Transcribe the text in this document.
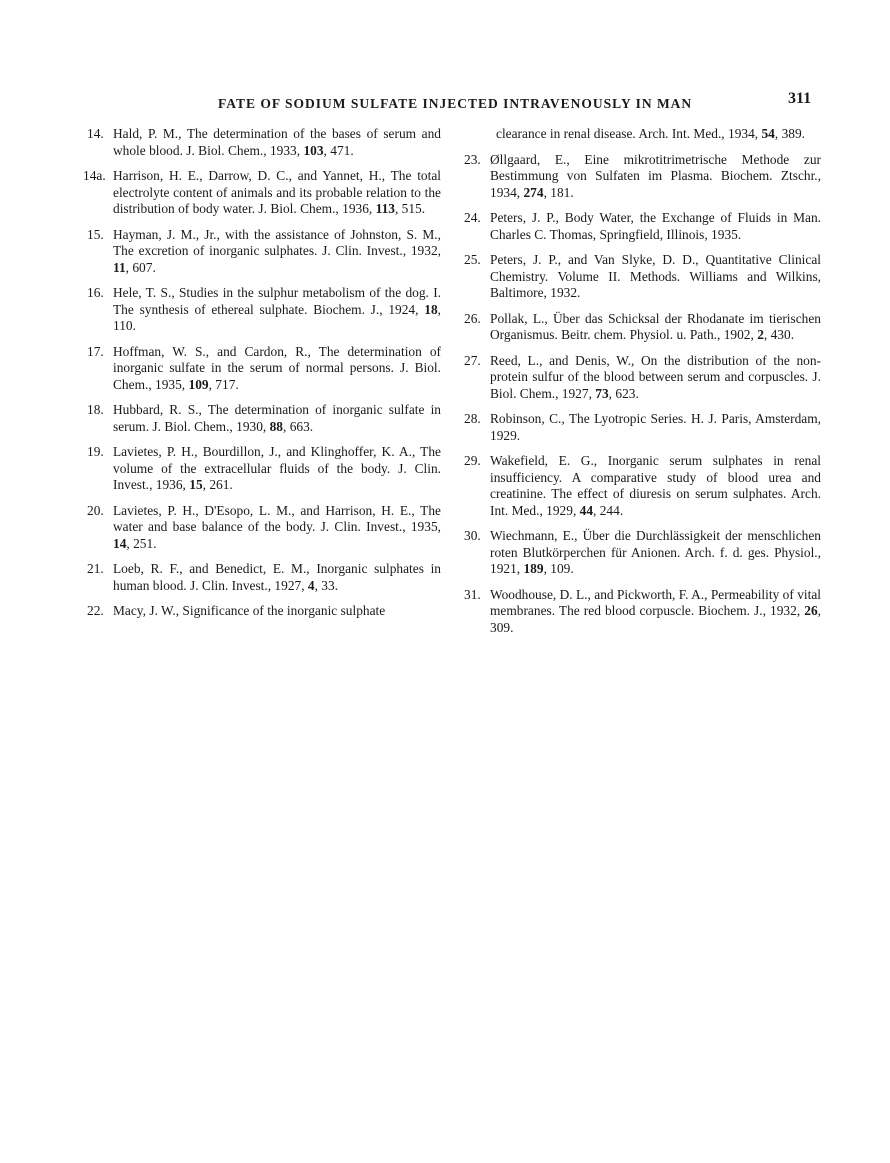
FATE OF SODIUM SULFATE INJECTED INTRAVENOUSLY IN MAN	311
14. Hald, P. M., The determination of the bases of serum and whole blood. J. Biol. Chem., 1933, 103, 471.
14a. Harrison, H. E., Darrow, D. C., and Yannet, H., The total electrolyte content of animals and its probable relation to the distribution of body water. J. Biol. Chem., 1936, 113, 515.
15. Hayman, J. M., Jr., with the assistance of Johnston, S. M., The excretion of inorganic sulphates. J. Clin. Invest., 1932, 11, 607.
16. Hele, T. S., Studies in the sulphur metabolism of the dog. I. The synthesis of ethereal sulphate. Biochem. J., 1924, 18, 110.
17. Hoffman, W. S., and Cardon, R., The determination of inorganic sulfate in the serum of normal persons. J. Biol. Chem., 1935, 109, 717.
18. Hubbard, R. S., The determination of inorganic sulfate in serum. J. Biol. Chem., 1930, 88, 663.
19. Lavietes, P. H., Bourdillon, J., and Klinghoffer, K. A., The volume of the extracellular fluids of the body. J. Clin. Invest., 1936, 15, 261.
20. Lavietes, P. H., D'Esopo, L. M., and Harrison, H. E., The water and base balance of the body. J. Clin. Invest., 1935, 14, 251.
21. Loeb, R. F., and Benedict, E. M., Inorganic sulphates in human blood. J. Clin. Invest., 1927, 4, 33.
22. Macy, J. W., Significance of the inorganic sulphate
clearance in renal disease. Arch. Int. Med., 1934, 54, 389.
23. Øllgaard, E., Eine mikrotitrimetrische Methode zur Bestimmung von Sulfaten im Plasma. Biochem. Ztschr., 1934, 274, 181.
24. Peters, J. P., Body Water, the Exchange of Fluids in Man. Charles C. Thomas, Springfield, Illinois, 1935.
25. Peters, J. P., and Van Slyke, D. D., Quantitative Clinical Chemistry. Volume II. Methods. Williams and Wilkins, Baltimore, 1932.
26. Pollak, L., Über das Schicksal der Rhodanate im tierischen Organismus. Beitr. chem. Physiol. u. Path., 1902, 2, 430.
27. Reed, L., and Denis, W., On the distribution of the non-protein sulfur of the blood between serum and corpuscles. J. Biol. Chem., 1927, 73, 623.
28. Robinson, C., The Lyotropic Series. H. J. Paris, Amsterdam, 1929.
29. Wakefield, E. G., Inorganic serum sulphates in renal insufficiency. A comparative study of blood urea and creatinine. The effect of diuresis on serum sulphates. Arch. Int. Med., 1929, 44, 244.
30. Wiechmann, E., Über die Durchlässigkeit der menschlichen roten Blutkörperchen für Anionen. Arch. f. d. ges. Physiol., 1921, 189, 109.
31. Woodhouse, D. L., and Pickworth, F. A., Permeability of vital membranes. The red blood corpuscle. Biochem. J., 1932, 26, 309.
